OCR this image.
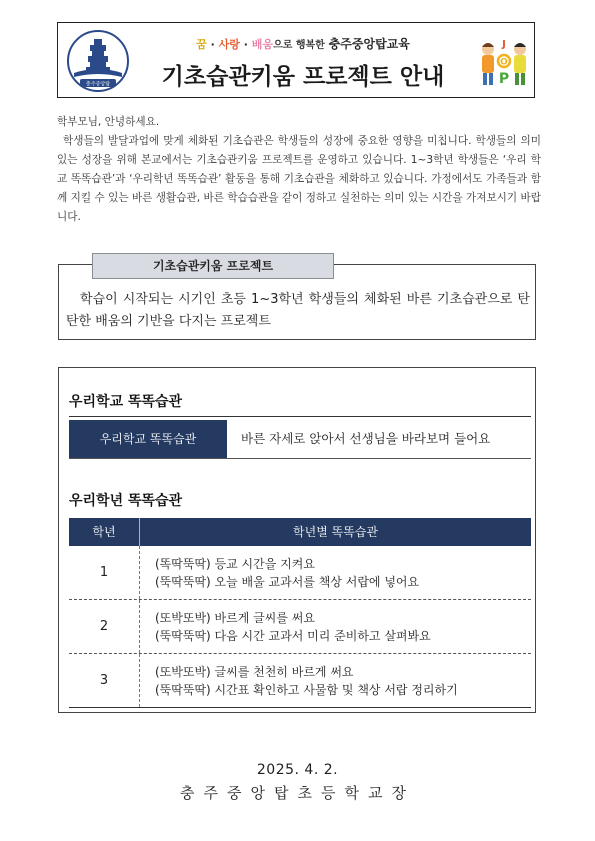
충주중앙탑
꿈 · 사랑 · 배움으로 행복한 충주중앙탑교육
기초습관키움 프로젝트 안내
J
O
P

학부모님, 안녕하세요.

학생들의 발달과업에 맞게 체화된 기초습관은 학생들의 성장에 중요한 영향을 미칩니다. 학생들의 의미 있는 성장을 위해 본교에서는 기초습관키움 프로젝트를 운영하고 있습니다. 1~3학년 학생들은 ‘우리 학교 똑똑습관’과 ‘우리학년 똑똑습관’ 활동을 통해 기초습관을 체화하고 있습니다. 가정에서도 가족들과 함께 지킬 수 있는 바른 생활습관, 바른 학습습관을 같이 정하고 실천하는 의미 있는 시간을 가져보시기 바랍니다.

기초습관키움 프로젝트
학습이 시작되는 시기인 초등 1~3학년 학생들의 체화된 바른 기초습관으로 탄탄한 배움의 기반을 다지는 프로젝트
우리학교 똑똑습관
우리학교 똑똑습관	바른 자세로 앉아서 선생님을 바라보며 들어요
우리학년 똑똑습관
학년	학년별 똑똑습관
1
(똑딱뚝딱) 등교 시간을 지켜요
(뚝딱뚝딱) 오늘 배울 교과서를 책상 서랍에 넣어요
2
(또박또박) 바르게 글씨를 써요
(뚝딱뚝딱) 다음 시간 교과서 미리 준비하고 살펴봐요
3
(또박또박) 글씨를 천천히 바르게 써요
(뚝딱뚝딱) 시간표 확인하고 사물함 및 책상 서랍 정리하기
2025. 4. 2.
충주중앙탑초등학교장
